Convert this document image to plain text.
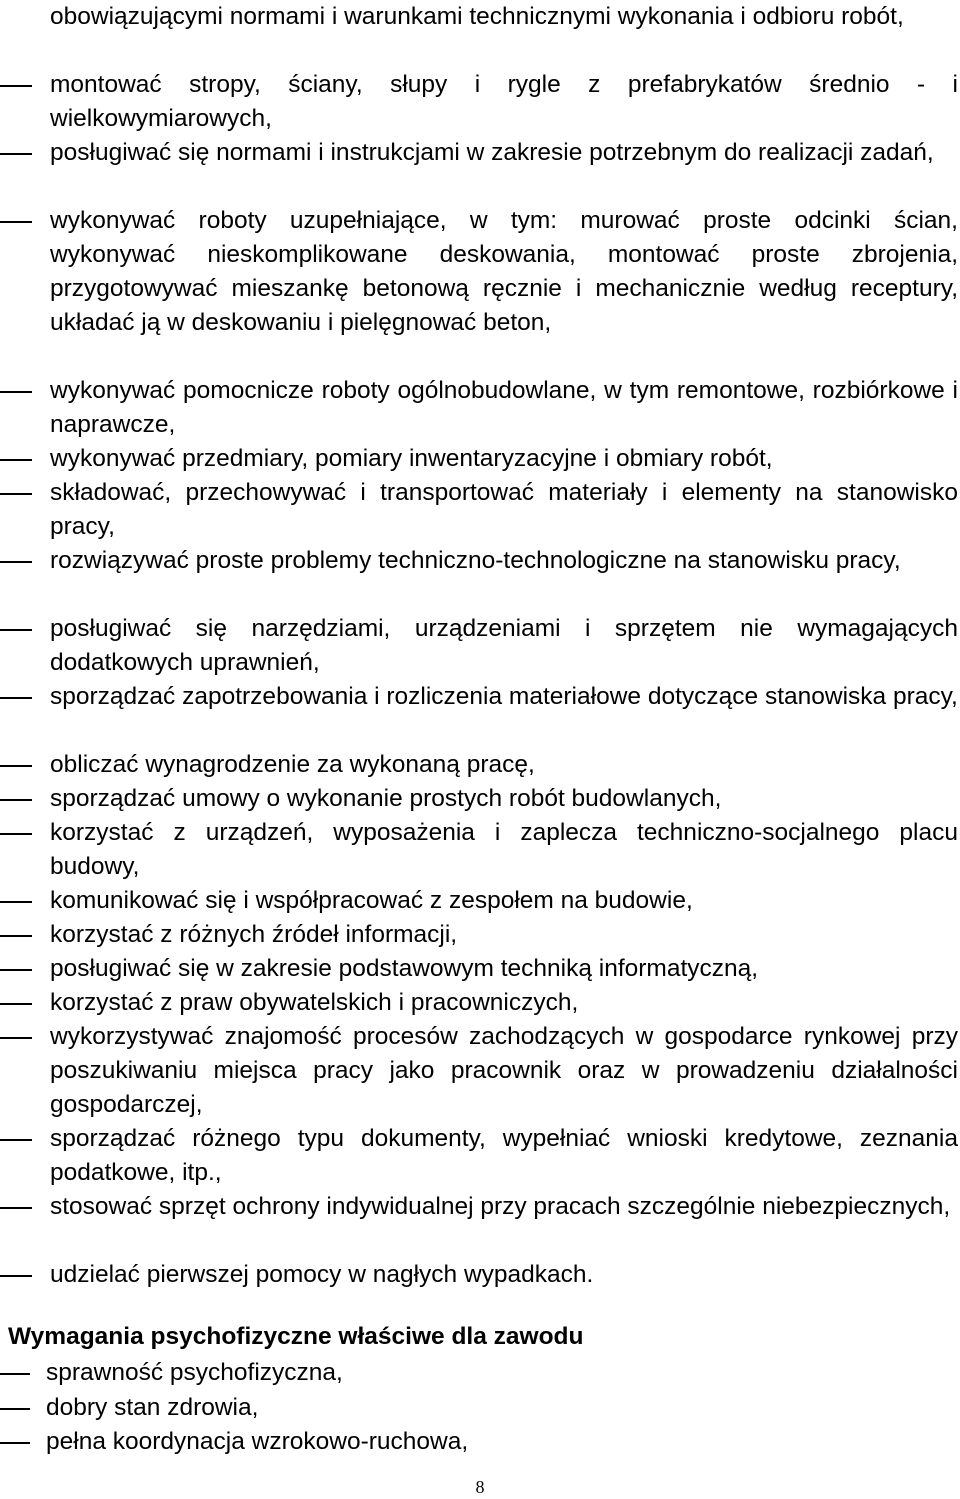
obowiązującymi normami i warunkami technicznymi wykonania i odbioru robót,
montować stropy, ściany, słupy i rygle z prefabrykatów średnio - i wielkowymiarowych,
posługiwać się normami i instrukcjami w zakresie potrzebnym do realizacji zadań,
wykonywać roboty uzupełniające, w tym: murować proste odcinki ścian, wykonywać nieskomplikowane deskowania, montować proste zbrojenia, przygotowywać mieszankę betonową ręcznie i mechanicznie według receptury, układać ją w deskowaniu i pielęgnować beton,
wykonywać pomocnicze roboty ogólnobudowlane, w tym remontowe, rozbiórkowe i naprawcze,
wykonywać przedmiary, pomiary inwentaryzacyjne i obmiary robót,
składować, przechowywać i transportować materiały i elementy na stanowisko pracy,
rozwiązywać proste problemy techniczno-technologiczne na stanowisku pracy,
posługiwać się narzędziami, urządzeniami i sprzętem nie wymagających dodatkowych uprawnień,
sporządzać zapotrzebowania i rozliczenia materiałowe dotyczące stanowiska pracy,
obliczać wynagrodzenie za wykonaną pracę,
sporządzać umowy o wykonanie prostych robót budowlanych,
korzystać z urządzeń, wyposażenia i zaplecza techniczno-socjalnego placu budowy,
komunikować się i współpracować z zespołem na budowie,
korzystać z różnych źródeł informacji,
posługiwać się w zakresie podstawowym techniką informatyczną,
korzystać z praw obywatelskich i pracowniczych,
wykorzystywać znajomość procesów zachodzących w gospodarce rynkowej przy poszukiwaniu miejsca pracy jako pracownik oraz w prowadzeniu działalności gospodarczej,
sporządzać różnego typu dokumenty, wypełniać wnioski kredytowe, zeznania podatkowe, itp.,
stosować sprzęt ochrony indywidualnej przy pracach szczególnie niebezpiecznych,
udzielać pierwszej pomocy w nagłych wypadkach.
Wymagania psychofizyczne właściwe dla zawodu
sprawność psychofizyczna,
dobry stan zdrowia,
pełna koordynacja wzrokowo-ruchowa,
8
